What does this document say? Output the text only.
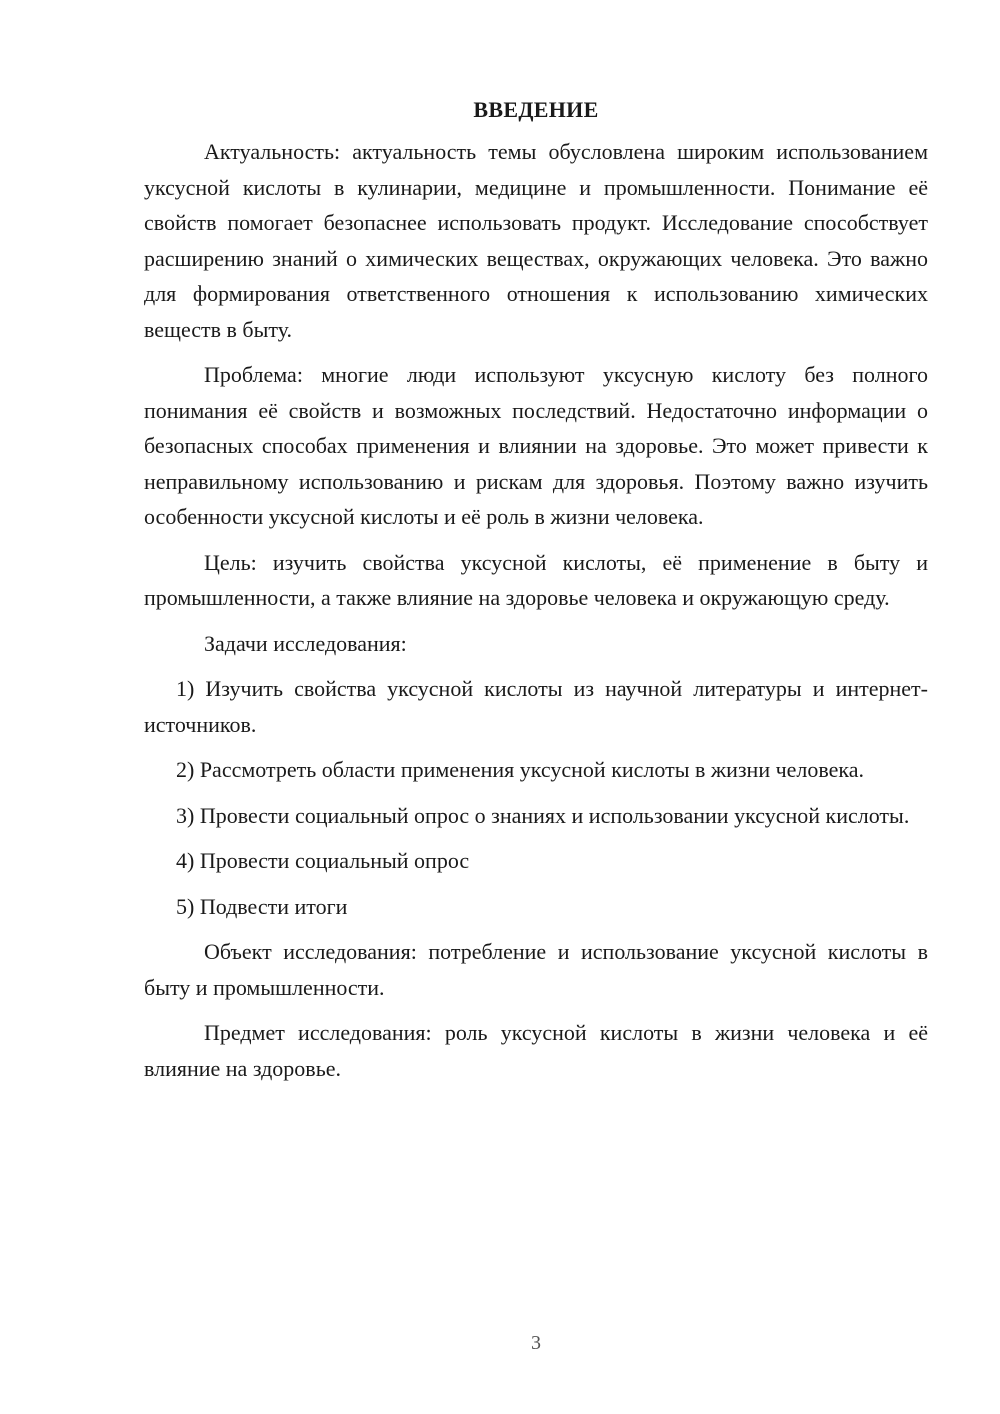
ВВЕДЕНИЕ

Актуальность: актуальность темы обусловлена широким использованием уксусной кислоты в кулинарии, медицине и промышленности. Понимание её свойств помогает безопаснее использовать продукт. Исследование способствует расширению знаний о химических веществах, окружающих человека. Это важно для формирования ответственного отношения к использованию химических веществ в быту.

Проблема: многие люди используют уксусную кислоту без полного понимания её свойств и возможных последствий. Недостаточно информации о безопасных способах применения и влиянии на здоровье. Это может привести к неправильному использованию и рискам для здоровья. Поэтому важно изучить особенности уксусной кислоты и её роль в жизни человека.

Цель: изучить свойства уксусной кислоты, её применение в быту и промышленности, а также влияние на здоровье человека и окружающую среду.

Задачи исследования:

1) Изучить свойства уксусной кислоты из научной литературы и интернет-источников.

2) Рассмотреть области применения уксусной кислоты в жизни человека.

3) Провести социальный опрос о знаниях и использовании уксусной кислоты.

4) Провести социальный опрос

5) Подвести итоги

Объект исследования: потребление и использование уксусной кислоты в быту и промышленности.

Предмет исследования: роль уксусной кислоты в жизни человека и её влияние на здоровье.

3
